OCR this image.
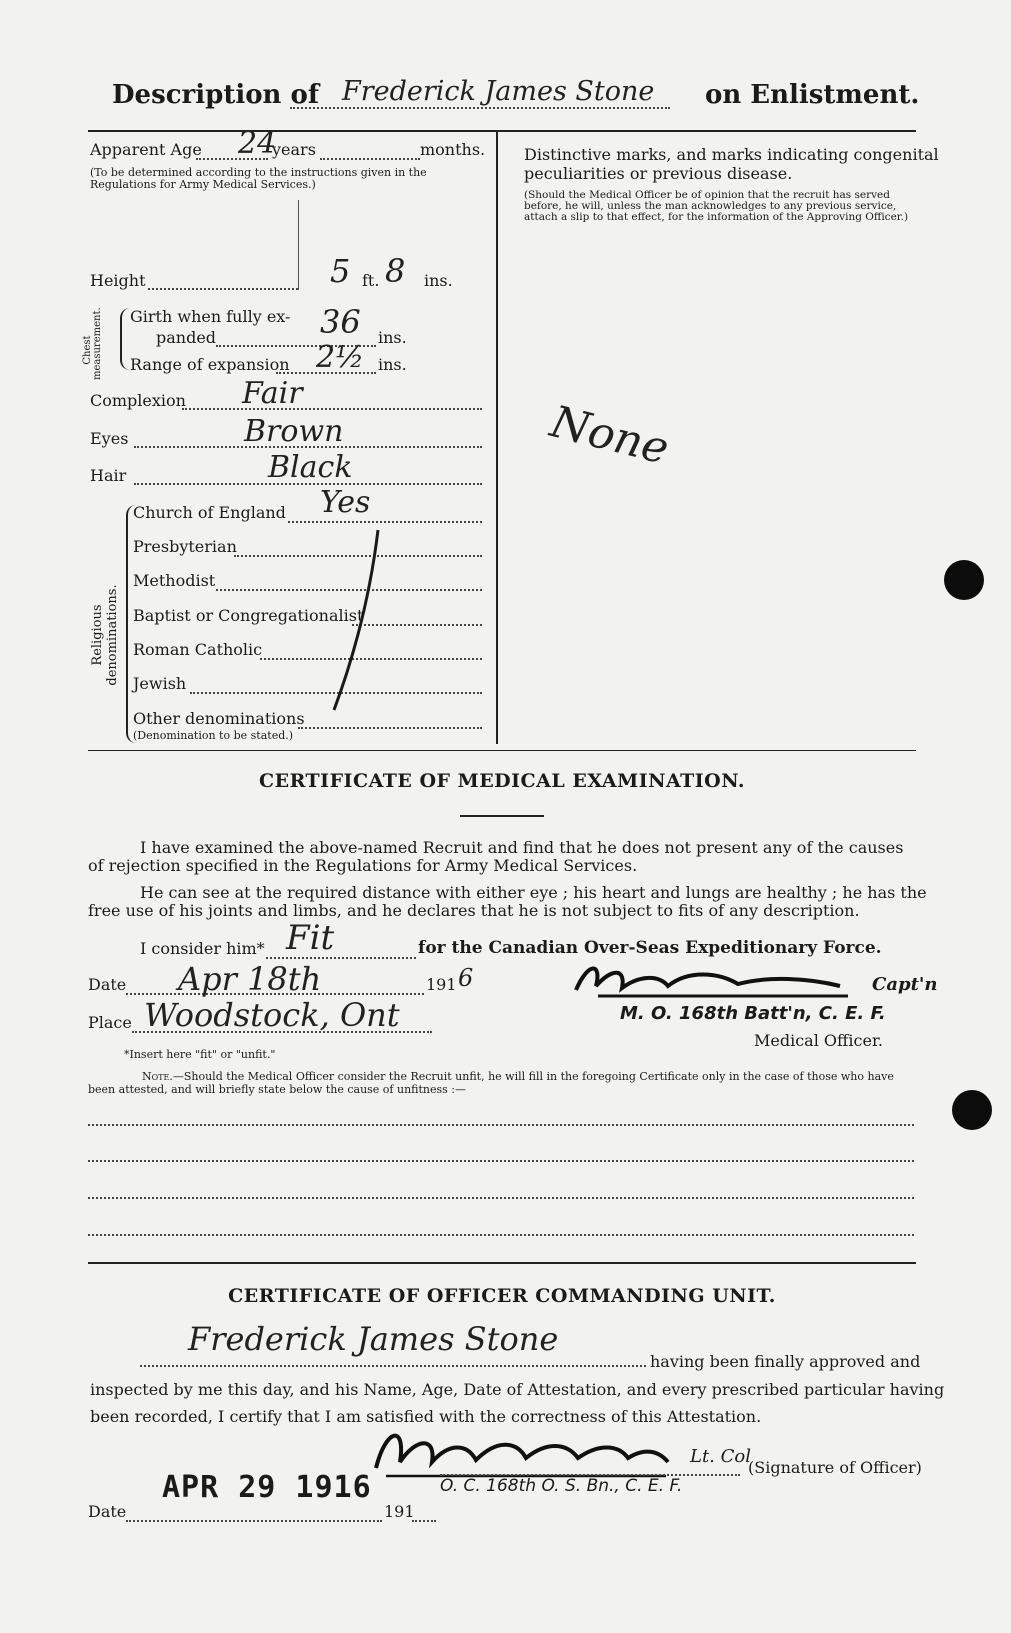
Description of Frederick James Stone on Enlistment.
Apparent Age 24
years	months.
(To be determined according to the instructions given in the Regulations for Army Medical Services.)
Height	5 ft. 8 ins.
Chest measurement. Girth when fully ex-
panded	36 ins.
Range of expansion 2½ ins.
Complexion Fair
Eyes	Brown
Hair	Black
Religious denominations.
Church of England Yes
Presbyterian
Methodist
Baptist or Congregationalist
Roman Catholic
Jewish
Other denominations
(Denomination to be stated.)
Distinctive marks, and marks indicating congenital
peculiarities or previous disease.
(Should the Medical Officer be of opinion that the recruit has served before, he will, unless the man acknowledges to any previous service, attach a slip to that effect, for the information of the Approving Officer.)
None
CERTIFICATE OF MEDICAL EXAMINATION.
I have examined the above-named Recruit and find that he does not present any of the causes
of rejection specified in the Regulations for Army Medical Services.
He can see at the required distance with either eye ; his heart and lungs are healthy ; he has the
free use of his joints and limbs, and he declares that he is not subject to fits of any description.
I consider him* Fit	for the Canadian Over-Seas Expeditionary Force.
Date Apr 18th	191 6	Capt'n
Place Woodstock, Ont	M. O. 168th Batt'n, C. E. F.
Medical Officer.
*Insert here "fit" or "unfit."
Note.—Should the Medical Officer consider the Recruit unfit, he will fill in the foregoing Certificate only in the case of those who have been attested, and will briefly state below the cause of unfitness :—
CERTIFICATE OF OFFICER COMMANDING UNIT.
Frederick James Stone
having been finally approved and
inspected by me this day, and his Name, Age, Date of Attestation, and every prescribed particular having
been recorded, I certify that I am satisfied with the correctness of this Attestation.
Lt. Col
(Signature of Officer)
O. C. 168th O. S. Bn., C. E. F.
APR 29 1916
Date	191
